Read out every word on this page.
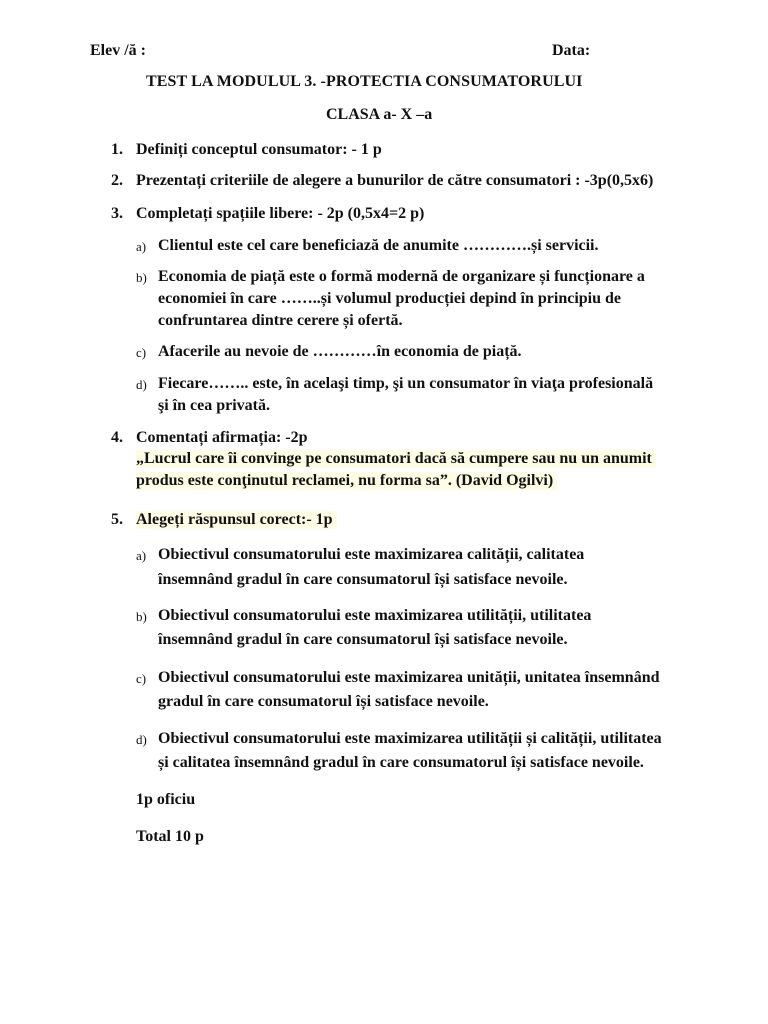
Elev /ă :	Data:
TEST LA MODULUL 3. -PROTECTIA CONSUMATORULUI
CLASA a- X –a
1. Definiți conceptul consumator: - 1 p
2. Prezentați criteriile de alegere a bunurilor de către consumatori : -3p(0,5x6)
3. Completați spațiile libere: - 2p (0,5x4=2 p)
a) Clientul este cel care beneficiază de anumite ………….și servicii.
b) Economia de piață este o formă modernă de organizare și funcționare a
economiei în care ……..și volumul producției depind în principiu de
confruntarea dintre cerere și ofertă.
c) Afacerile au nevoie de …………în economia de piață.
d) Fiecare…….. este, în acelaşi timp, şi un consumator în viaţa profesională
şi în cea privată.
4. Comentați afirmația: -2p
„Lucrul care îi convinge pe consumatori dacă să cumpere sau nu un anumit
produs este conţinutul reclamei, nu forma sa”. (David Ogilvi)
5. Alegeți răspunsul corect:- 1p
a) Obiectivul consumatorului este maximizarea calității, calitatea
însemnând gradul în care consumatorul își satisface nevoile.
b) Obiectivul consumatorului este maximizarea utilității, utilitatea
însemnând gradul în care consumatorul își satisface nevoile.
c) Obiectivul consumatorului este maximizarea unității, unitatea însemnând
gradul în care consumatorul își satisface nevoile.
d) Obiectivul consumatorului este maximizarea utilității și calității, utilitatea
și calitatea însemnând gradul în care consumatorul își satisface nevoile.
1p oficiu
Total 10 p
